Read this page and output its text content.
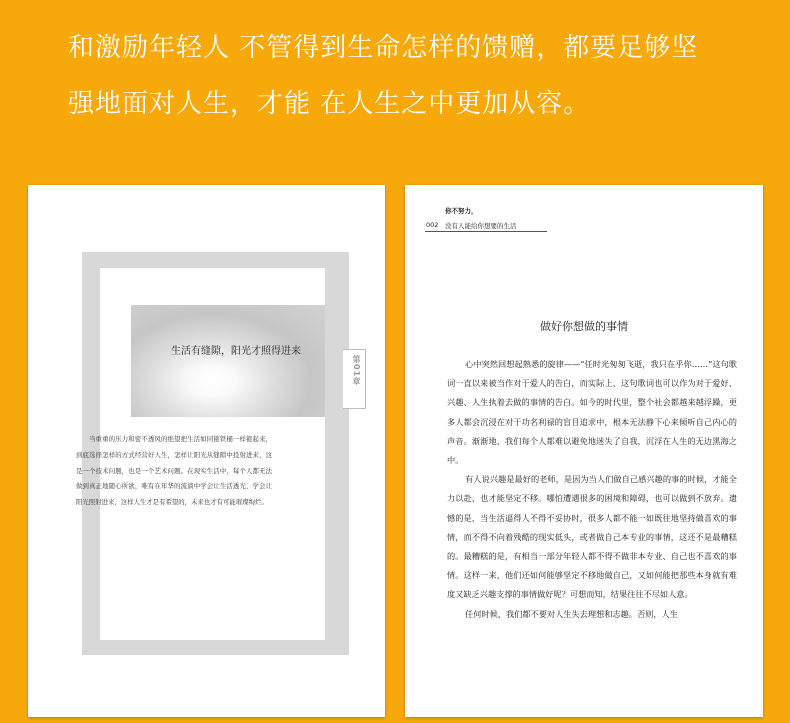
和激励年轻人 不管得到生命怎样的馈赠，都要足够坚
强地面对人生，才能 在人生之中更加从容。
生活有缝隙，阳光才照得进来
第01章

当重重的压力和密不透风的绝望把生活如同箍铁桶一样箍起来，到底选择怎样的方式经营好人生，怎样让阳光从缝隙中投射进来，这是一个技术问题，也是一个艺术问题。在现实生活中，每个人都无法做到真正地随心所欲，唯有在年华的流淌中学会让生活透光，学会让阳光照射进来，这样人生才是有希望的，未来也才有可能璀璨绚烂。

你不努力，
002 没有人能给你想要的生活
做好你想做的事情

心中突然回想起熟悉的旋律——“任时光匆匆飞逝，我只在乎你……”这句歌词一直以来被当作对于爱人的告白，而实际上，这句歌词也可以作为对于爱好、兴趣、人生执着去做的事情的告白。如今的时代里，整个社会都越来越浮躁，更多人都会沉浸在对于功名利禄的盲目追求中，根本无法静下心来倾听自己内心的声音。渐渐地，我们每个人都难以避免地迷失了自我，沉浮在人生的无边黑海之中。

有人说兴趣是最好的老师，是因为当人们做自己感兴趣的事的时候，才能全力以赴，也才能坚定不移。哪怕遭遇很多的困境和障碍，也可以做到不放弃。遗憾的是，当生活逼得人不得不妥协时，很多人都不能一如既往地坚持做喜欢的事情，而不得不向着残酷的现实低头，或者做自己本专业的事情，这还不是最糟糕的。最糟糕的是，有相当一部分年轻人都不得不做非本专业、自己也不喜欢的事情。这样一来，他们还如何能够坚定不移地做自己，又如何能把那些本身就有难度又缺乏兴趣支撑的事情做好呢？可想而知，结果往往不尽如人意。

任何时候，我们都不要对人生失去理想和志趣。否则，人生
